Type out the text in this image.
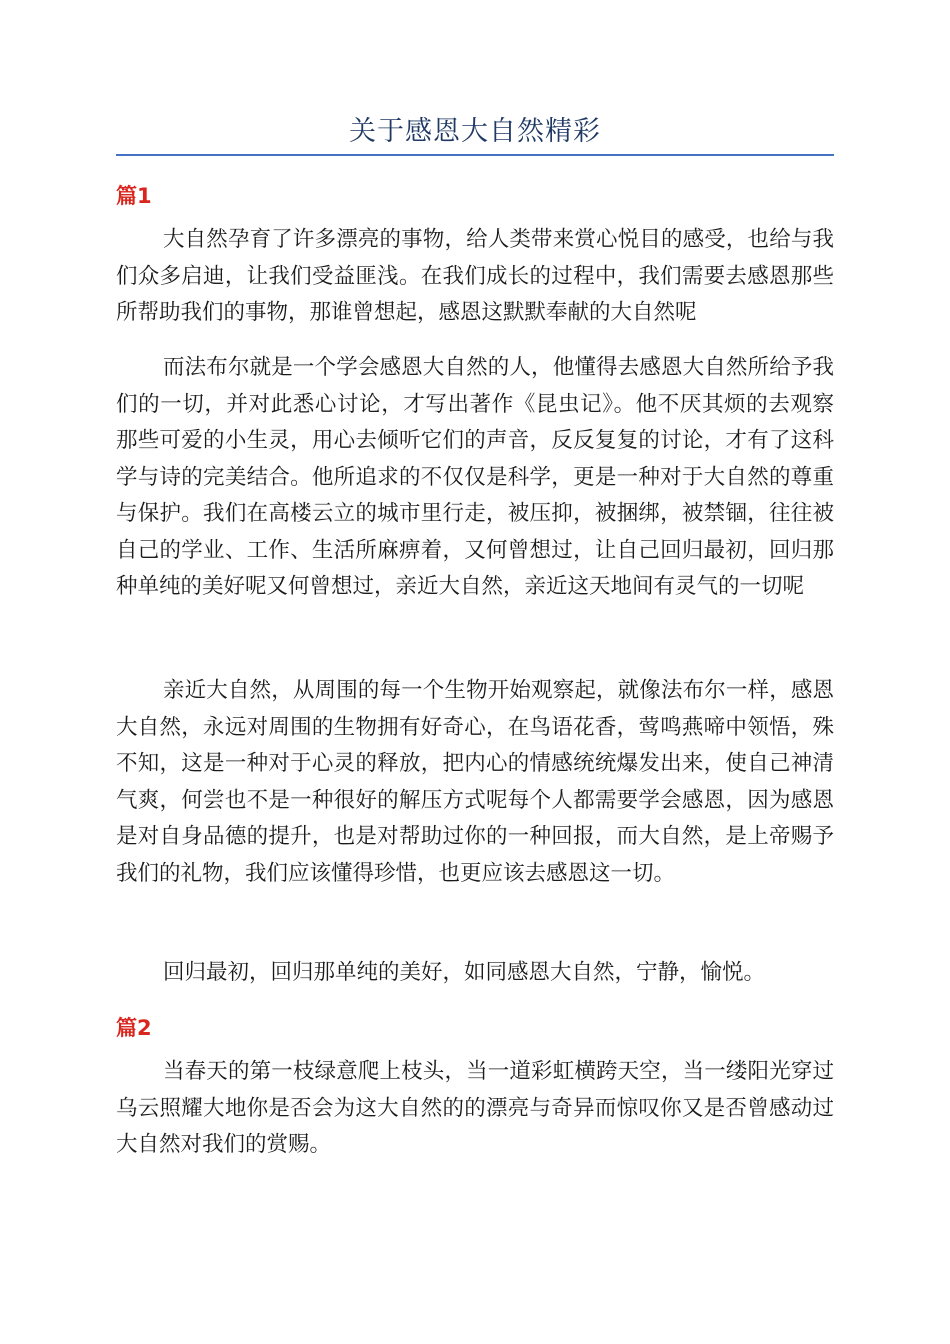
关于感恩大自然精彩
篇1

大自然孕育了许多漂亮的事物，给人类带来赏心悦目的感受，也给与我们众多启迪，让我们受益匪浅。在我们成长的过程中，我们需要去感恩那些所帮助我们的事物，那谁曾想起，感恩这默默奉献的大自然呢

而法布尔就是一个学会感恩大自然的人，他懂得去感恩大自然所给予我们的一切，并对此悉心讨论，才写出著作《昆虫记》。他不厌其烦的去观察那些可爱的小生灵，用心去倾听它们的声音，反反复复的讨论，才有了这科学与诗的完美结合。他所追求的不仅仅是科学，更是一种对于大自然的尊重与保护。我们在高楼云立的城市里行走，被压抑，被捆绑，被禁锢，往往被自己的学业、工作、生活所麻痹着，又何曾想过，让自己回归最初，回归那种单纯的美好呢又何曾想过，亲近大自然，亲近这天地间有灵气的一切呢

亲近大自然，从周围的每一个生物开始观察起，就像法布尔一样，感恩大自然，永远对周围的生物拥有好奇心，在鸟语花香，莺鸣燕啼中领悟，殊不知，这是一种对于心灵的释放，把内心的情感统统爆发出来，使自己神清气爽，何尝也不是一种很好的解压方式呢每个人都需要学会感恩，因为感恩是对自身品德的提升，也是对帮助过你的一种回报，而大自然，是上帝赐予我们的礼物，我们应该懂得珍惜，也更应该去感恩这一切。

回归最初，回归那单纯的美好，如同感恩大自然，宁静，愉悦。

篇2

当春天的第一枝绿意爬上枝头，当一道彩虹横跨天空，当一缕阳光穿过乌云照耀大地你是否会为这大自然的的漂亮与奇异而惊叹你又是否曾感动过大自然对我们的赏赐。
